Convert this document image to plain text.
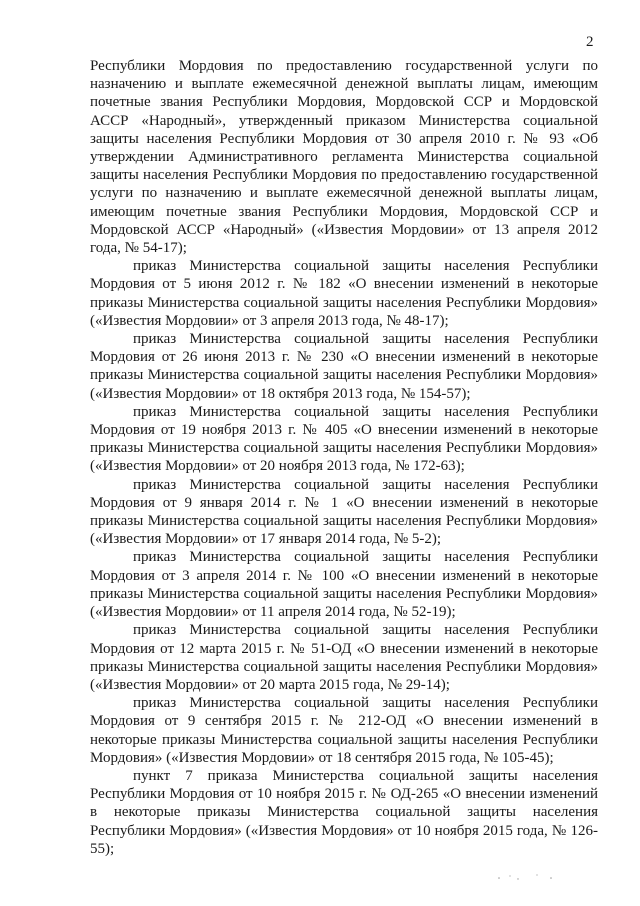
2

Республики Мордовия по предоставлению государственной услуги по назначению и выплате ежемесячной денежной выплаты лицам, имеющим почетные звания Республики Мордовия, Мордовской ССР и Мордовской АССР «Народный», утвержденный приказом Министерства социальной защиты населения Республики Мордовия от 30 апреля 2010 г. № 93 «Об утверждении Административного регламента Министерства социальной защиты населения Республики Мордовия по предоставлению государственной услуги по назначению и выплате ежемесячной денежной выплаты лицам, имеющим почетные звания Республики Мордовия, Мордовской ССР и Мордовской АССР «Народный» («Известия Мордовии» от 13 апреля 2012 года, № 54-17);

приказ Министерства социальной защиты населения Республики Мордовия от 5 июня 2012 г. № 182 «О внесении изменений в некоторые приказы Министерства социальной защиты населения Республики Мордовия» («Известия Мордовии» от 3 апреля 2013 года, № 48-17);

приказ Министерства социальной защиты населения Республики Мордовия от 26 июня 2013 г. № 230 «О внесении изменений в некоторые приказы Министерства социальной защиты населения Республики Мордовия» («Известия Мордовии» от 18 октября 2013 года, № 154-57);

приказ Министерства социальной защиты населения Республики Мордовия от 19 ноября 2013 г. № 405 «О внесении изменений в некоторые приказы Министерства социальной защиты населения Республики Мордовия» («Известия Мордовии» от 20 ноября 2013 года, № 172-63);

приказ Министерства социальной защиты населения Республики Мордовия от 9 января 2014 г. № 1 «О внесении изменений в некоторые приказы Министерства социальной защиты населения Республики Мордовия» («Известия Мордовии» от 17 января 2014 года, № 5-2);

приказ Министерства социальной защиты населения Республики Мордовия от 3 апреля 2014 г. № 100 «О внесении изменений в некоторые приказы Министерства социальной защиты населения Республики Мордовия» («Известия Мордовии» от 11 апреля 2014 года, № 52-19);

приказ Министерства социальной защиты населения Республики Мордовия от 12 марта 2015 г. № 51-ОД «О внесении изменений в некоторые приказы Министерства социальной защиты населения Республики Мордовия» («Известия Мордовии» от 20 марта 2015 года, № 29-14);

приказ Министерства социальной защиты населения Республики Мордовия от 9 сентября 2015 г. № 212-ОД «О внесении изменений в некоторые приказы Министерства социальной защиты населения Республики Мордовия» («Известия Мордовии» от 18 сентября 2015 года, № 105-45);

пункт 7 приказа Министерства социальной защиты населения Республики Мордовия от 10 ноября 2015 г. № ОД-265 «О внесении изменений в некоторые приказы Министерства социальной защиты населения Республики Мордовия» («Известия Мордовия» от 10 ноября 2015 года, № 126-55);
